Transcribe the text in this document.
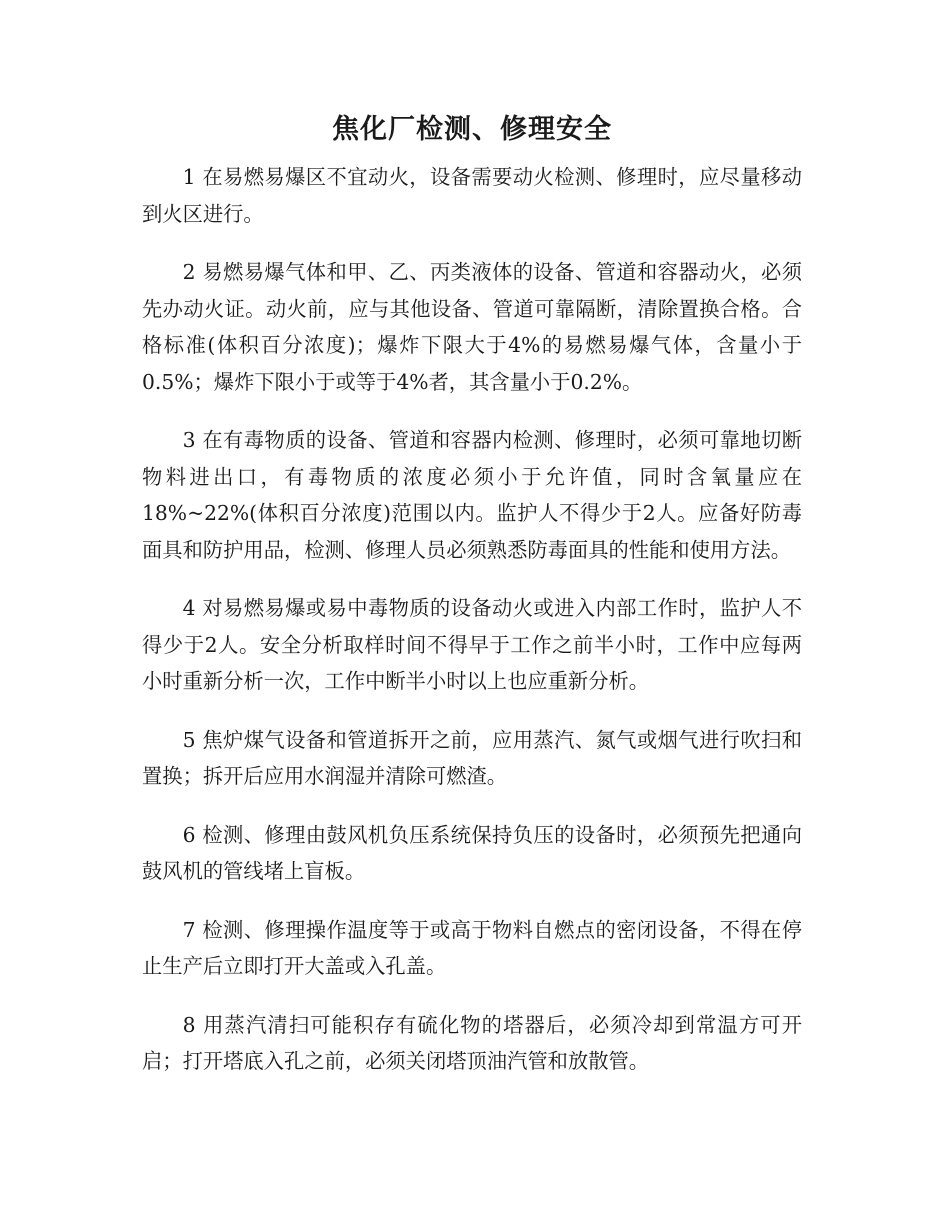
焦化厂检测、修理安全

1 在易燃易爆区不宜动火，设备需要动火检测、修理时，应尽量移动到火区进行。

2 易燃易爆气体和甲、乙、丙类液体的设备、管道和容器动火，必须先办动火证。动火前，应与其他设备、管道可靠隔断，清除置换合格。合格标准(体积百分浓度)；爆炸下限大于4%的易燃易爆气体，含量小于0.5%；爆炸下限小于或等于4%者，其含量小于0.2%。

3 在有毒物质的设备、管道和容器内检测、修理时，必须可靠地切断物料进出口，有毒物质的浓度必须小于允许值，同时含氧量应在18%~22%(体积百分浓度)范围以内。监护人不得少于2人。应备好防毒面具和防护用品，检测、修理人员必须熟悉防毒面具的性能和使用方法。

4 对易燃易爆或易中毒物质的设备动火或进入内部工作时，监护人不得少于2人。安全分析取样时间不得早于工作之前半小时，工作中应每两小时重新分析一次，工作中断半小时以上也应重新分析。

5 焦炉煤气设备和管道拆开之前，应用蒸汽、氮气或烟气进行吹扫和置换；拆开后应用水润湿并清除可燃渣。

6 检测、修理由鼓风机负压系统保持负压的设备时，必须预先把通向鼓风机的管线堵上盲板。

7 检测、修理操作温度等于或高于物料自燃点的密闭设备，不得在停止生产后立即打开大盖或入孔盖。

8 用蒸汽清扫可能积存有硫化物的塔器后，必须冷却到常温方可开启；打开塔底入孔之前，必须关闭塔顶油汽管和放散管。
